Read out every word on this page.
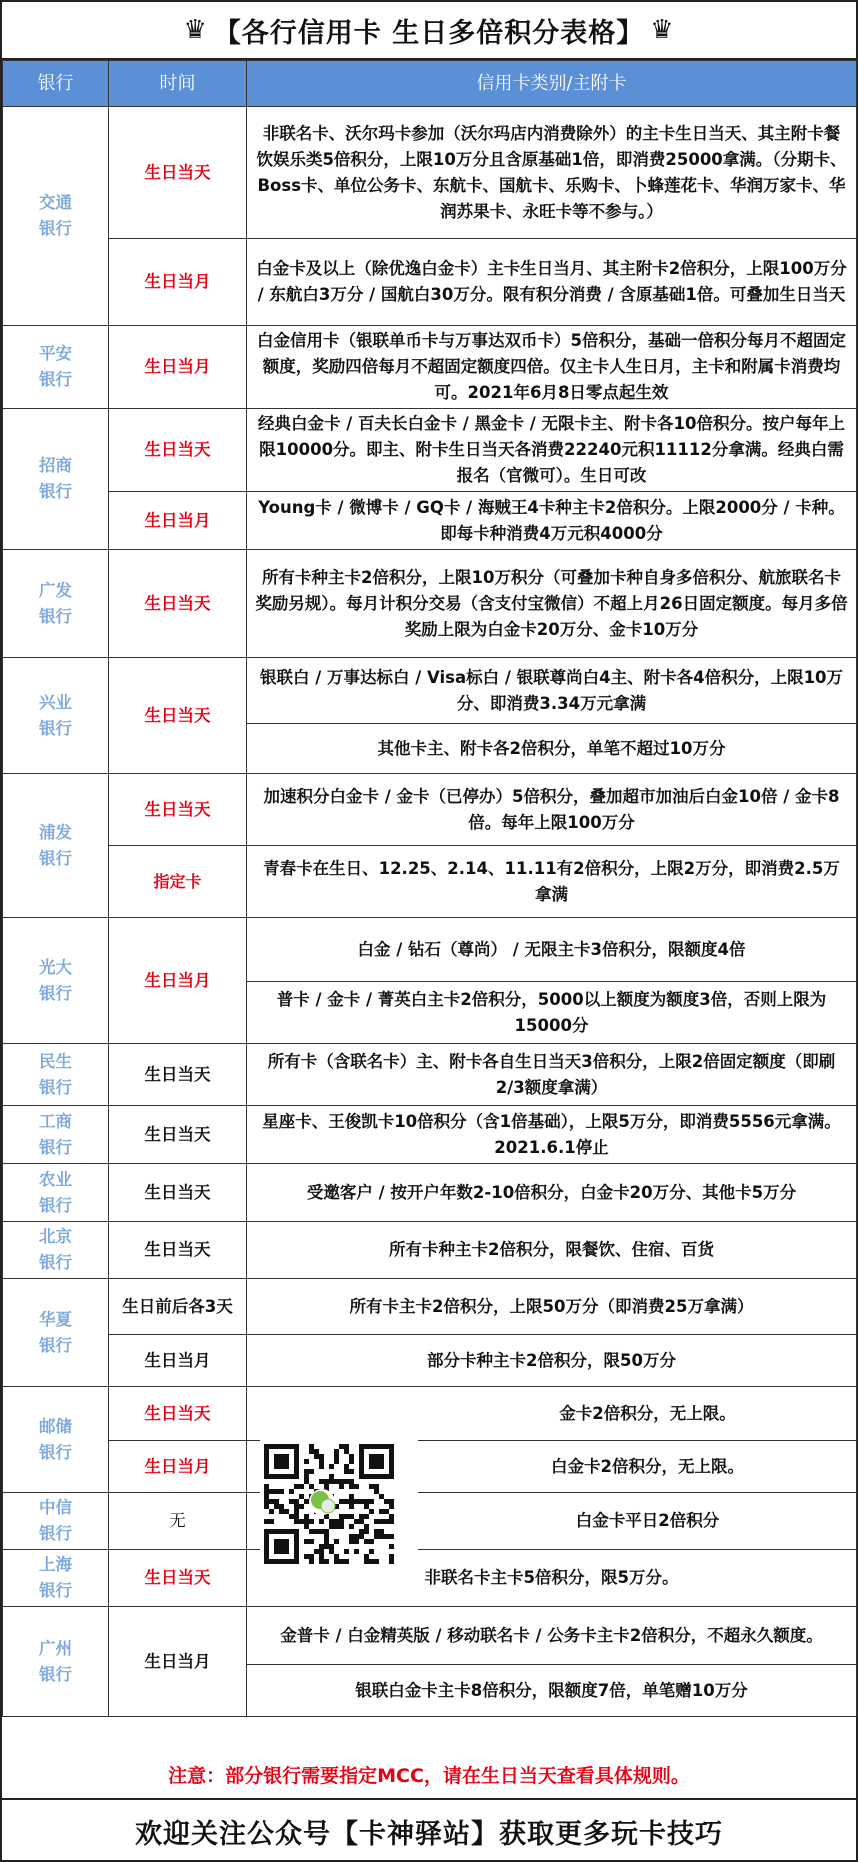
♛ 【各行信用卡 生日多倍积分表格】 ♛
银行	时间	信用卡类别/主附卡
交通
银行	生日当天	非联名卡、沃尔玛卡参加（沃尔玛店内消费除外）的主卡生日当天、其主附卡餐饮娱乐类5倍积分，上限10万分且含原基础1倍，即消费25000拿满。（分期卡、Boss卡、单位公务卡、东航卡、国航卡、乐购卡、卜蜂莲花卡、华润万家卡、华润苏果卡、永旺卡等不参与。）
	生日当月	白金卡及以上（除优逸白金卡）主卡生日当月、其主附卡2倍积分，上限100万分 / 东航白3万分 / 国航白30万分。限有积分消费 / 含原基础1倍。可叠加生日当天
平安
银行	生日当月	白金信用卡（银联单币卡与万事达双币卡）5倍积分，基础一倍积分每月不超固定额度，奖励四倍每月不超固定额度四倍。仅主卡人生日月，主卡和附属卡消费均可。2021年6月8日零点起生效
招商
银行	生日当天	经典白金卡 / 百夫长白金卡 / 黑金卡 / 无限卡主、附卡各10倍积分。按户每年上限10000分。即主、附卡生日当天各消费22240元积11112分拿满。经典白需报名（官微可）。生日可改
	生日当月	Young卡 / 微博卡 / GQ卡 / 海贼王4卡种主卡2倍积分。上限2000分 / 卡种。即每卡种消费4万元积4000分
广发
银行	生日当天	所有卡种主卡2倍积分，上限10万积分（可叠加卡种自身多倍积分、航旅联名卡奖励另规）。每月计积分交易（含支付宝微信）不超上月26日固定额度。每月多倍奖励上限为白金卡20万分、金卡10万分
兴业
银行	生日当天	银联白 / 万事达标白 / Visa标白 / 银联尊尚白4主、附卡各4倍积分，上限10万分、即消费3.34万元拿满
		其他卡主、附卡各2倍积分，单笔不超过10万分
浦发
银行	生日当天	加速积分白金卡 / 金卡（已停办）5倍积分，叠加超市加油后白金10倍 / 金卡8倍。每年上限100万分
	指定卡	青春卡在生日、12.25、2.14、11.11有2倍积分，上限2万分，即消费2.5万拿满
光大
银行	生日当月	白金 / 钻石（尊尚） / 无限主卡3倍积分，限额度4倍
		普卡 / 金卡 / 菁英白主卡2倍积分，5000以上额度为额度3倍，否则上限为15000分
民生
银行	生日当天	所有卡（含联名卡）主、附卡各自生日当天3倍积分，上限2倍固定额度（即刷2/3额度拿满）
工商
银行	生日当天	星座卡、王俊凯卡10倍积分（含1倍基础），上限5万分，即消费5556元拿满。2021.6.1停止
农业
银行	生日当天	受邀客户 / 按开户年数2-10倍积分，白金卡20万分、其他卡5万分
北京
银行	生日当天	所有卡种主卡2倍积分，限餐饮、住宿、百货
华夏
银行	生日前后各3天	所有卡主卡2倍积分，上限50万分（即消费25万拿满）
	生日当月	部分卡种主卡2倍积分，限50万分
邮储
银行	生日当天	金卡2倍积分，无上限。
	生日当月	白金卡2倍积分，无上限。
中信
银行	无	白金卡平日2倍积分
上海
银行	生日当天	非联名卡主卡5倍积分，限5万分。
广州
银行	生日当月	金普卡 / 白金精英版 / 移动联名卡 / 公务卡主卡2倍积分，不超永久额度。
		银联白金卡主卡8倍积分，限额度7倍，单笔赠10万分
注意：部分银行需要指定MCC，请在生日当天查看具体规则。
欢迎关注公众号【卡神驿站】获取更多玩卡技巧
